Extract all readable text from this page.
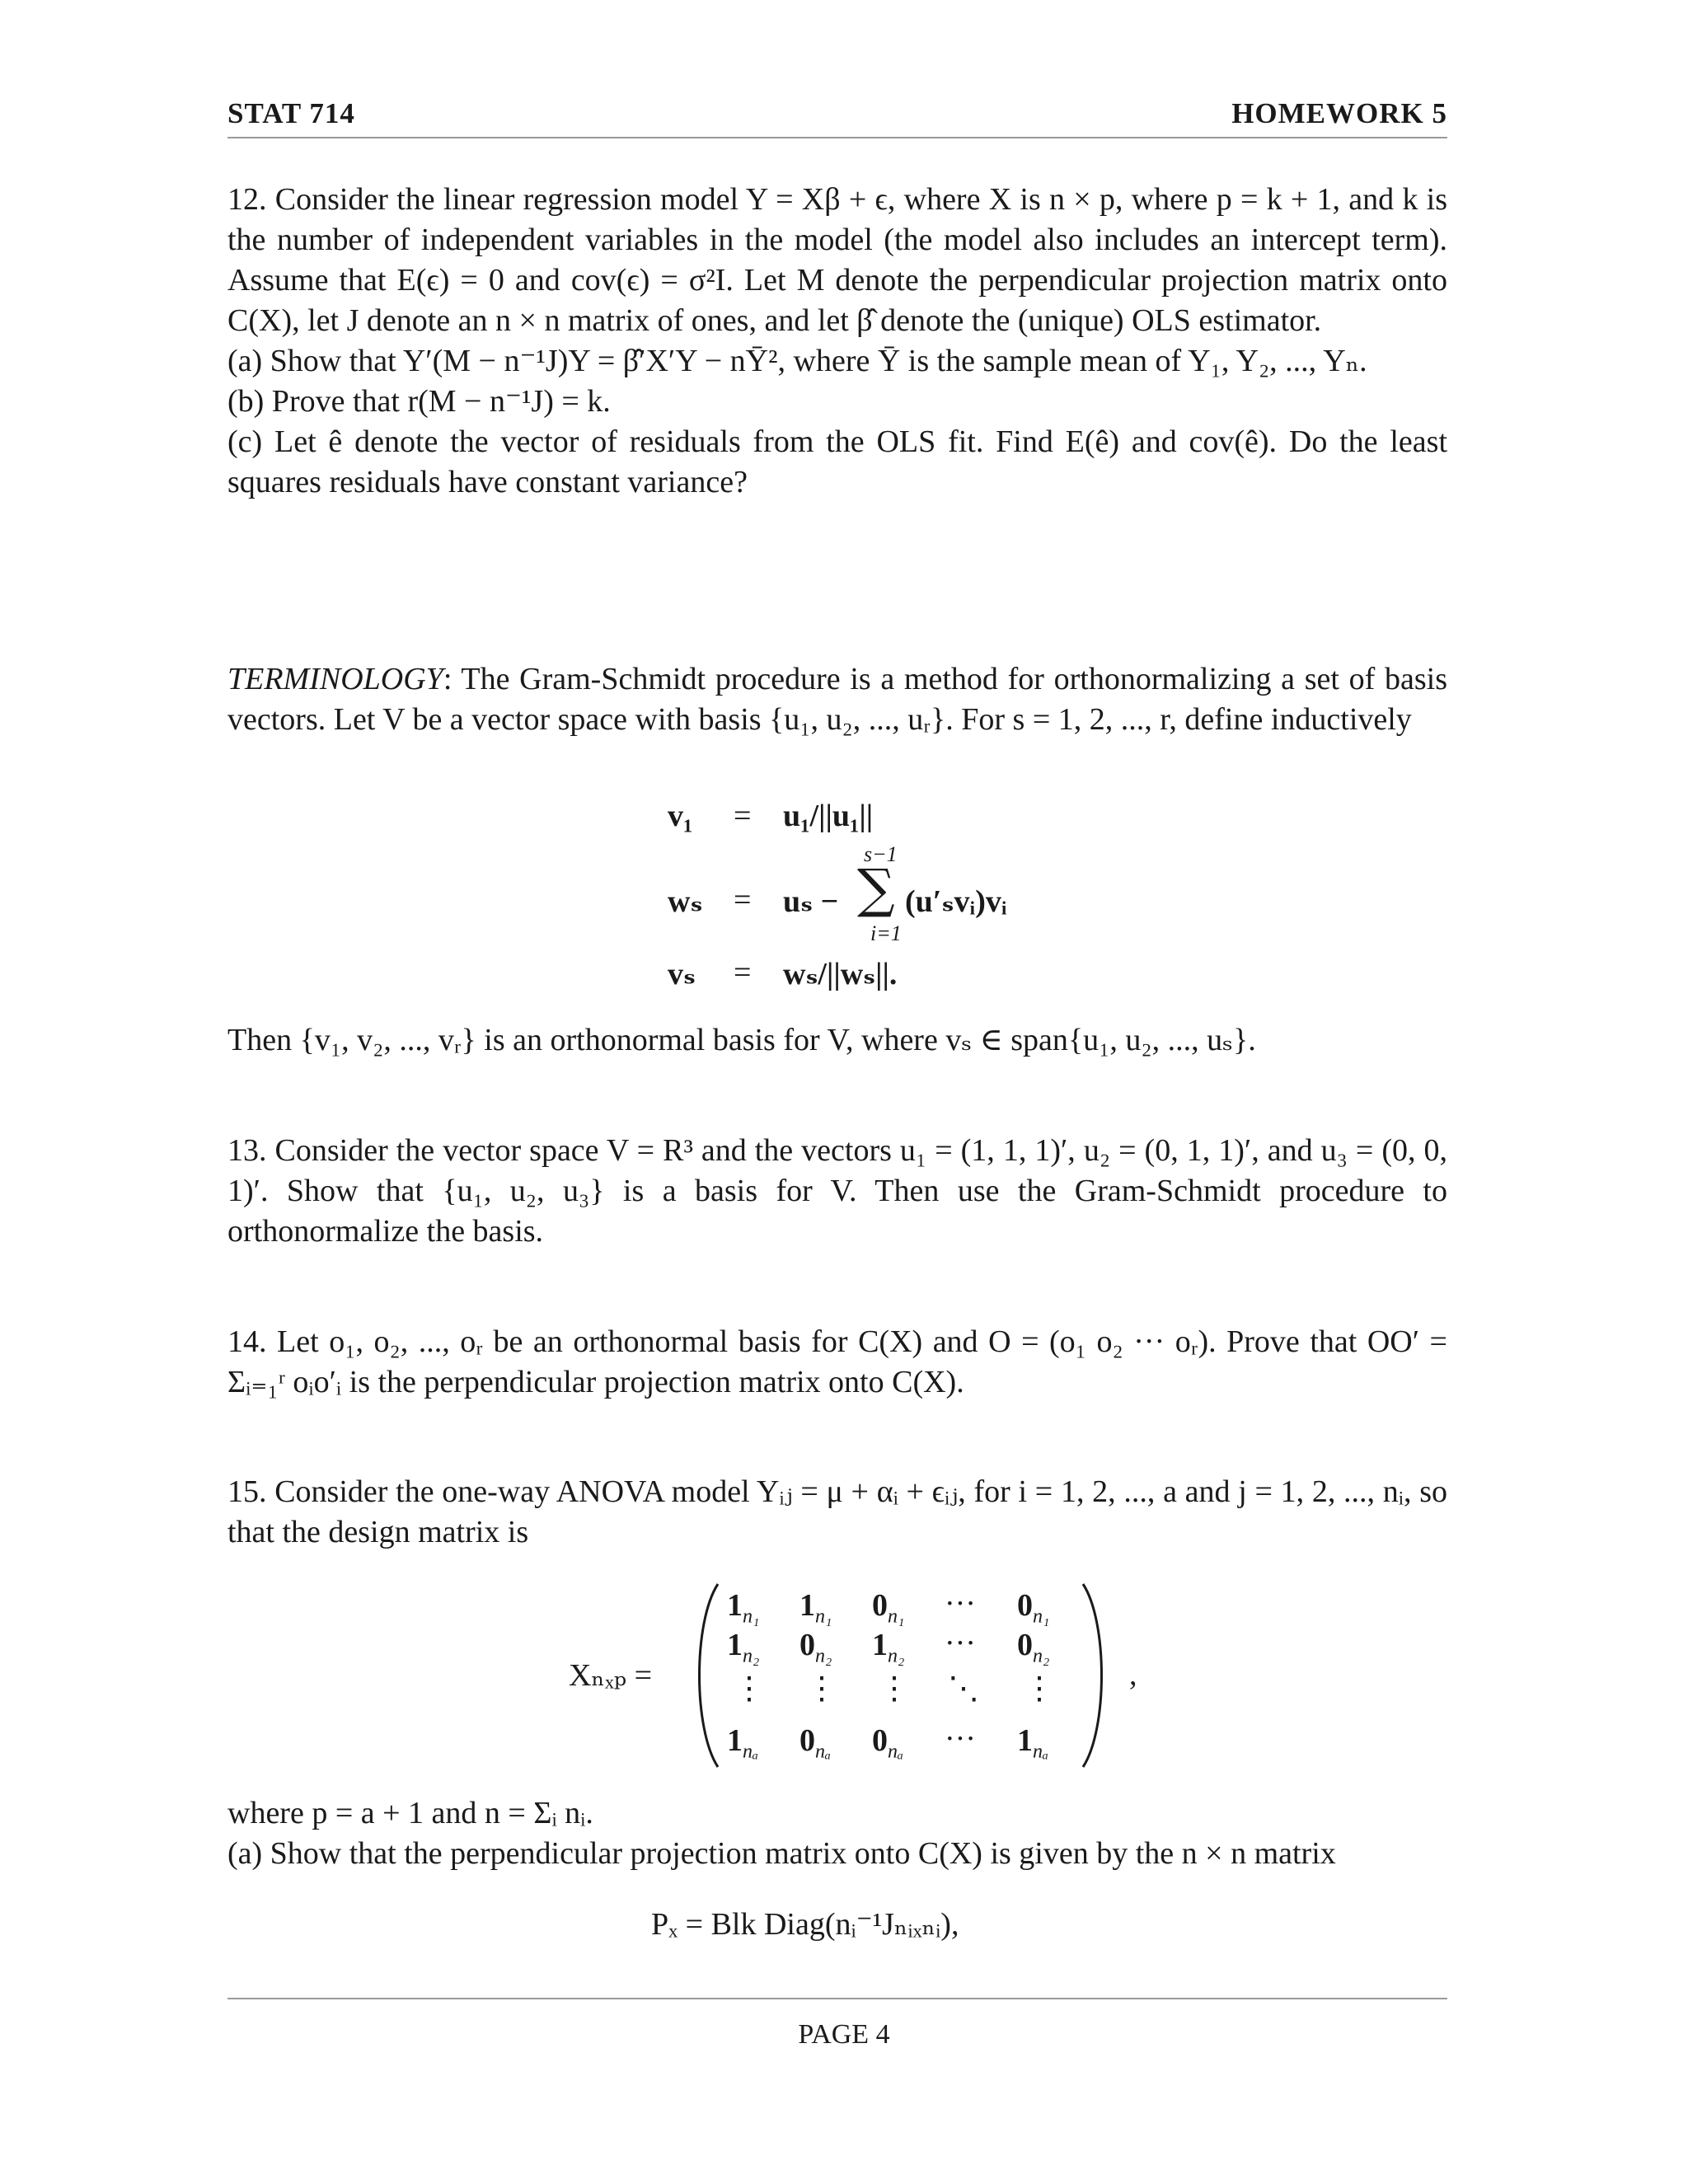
STAT 714	HOMEWORK 5

12. Consider the linear regression model Y = Xβ + ϵ, where X is n × p, where p = k + 1, and k is the number of independent variables in the model (the model also includes an intercept term). Assume that E(ϵ) = 0 and cov(ϵ) = σ²I. Let M denote the perpendicular projection matrix onto C(X), let J denote an n × n matrix of ones, and let β̂ denote the (unique) OLS estimator.

(a) Show that Y′(M − n⁻¹J)Y = β̂′X′Y − nȲ², where Ȳ is the sample mean of Y₁, Y₂, ..., Yₙ.

(b) Prove that r(M − n⁻¹J) = k.

(c) Let ê denote the vector of residuals from the OLS fit. Find E(ê) and cov(ê). Do the least squares residuals have constant variance?

TERMINOLOGY: The Gram-Schmidt procedure is a method for orthonormalizing a set of basis vectors. Let V be a vector space with basis {u₁, u₂, ..., uᵣ}. For s = 1, 2, ..., r, define inductively

v₁ = u₁/||u₁||
wₛ = uₛ − ∑
s−1
i=1
(u′ₛvᵢ)vᵢ
vₛ = wₛ/||wₛ||.

Then {v₁, v₂, ..., vᵣ} is an orthonormal basis for V, where vₛ ∈ span{u₁, u₂, ..., uₛ}.

13. Consider the vector space V = R³ and the vectors u₁ = (1, 1, 1)′, u₂ = (0, 1, 1)′, and u₃ = (0, 0, 1)′. Show that {u₁, u₂, u₃} is a basis for V. Then use the Gram-Schmidt procedure to orthonormalize the basis.

14. Let o₁, o₂, ..., oᵣ be an orthonormal basis for C(X) and O = (o₁ o₂ ··· oᵣ). Prove that OO′ = Σᵢ₌₁ʳ oᵢo′ᵢ is the perpendicular projection matrix onto C(X).

15. Consider the one-way ANOVA model Yᵢⱼ = μ + αᵢ + ϵᵢⱼ, for i = 1, 2, ..., a and j = 1, 2, ..., nᵢ, so that the design matrix is

Xₙₓₚ =
$1_{n_1}$ $1_{n_1}$ $0_{n_1}$ ··· $0_{n_1}$
$1_{n_2}$ $0_{n_2}$ $1_{n_2}$ ··· $0_{n_2}$
⋮ ⋮ ⋮ ⋱ ⋮
$1_{n_a}$ $0_{n_a}$ $0_{n_a}$ ··· $1_{n_a}$
,

where p = a + 1 and n = Σᵢ nᵢ.

(a) Show that the perpendicular projection matrix onto C(X) is given by the n × n matrix

Pₓ = Blk Diag(nᵢ⁻¹Jₙᵢₓₙᵢ),
PAGE 4
